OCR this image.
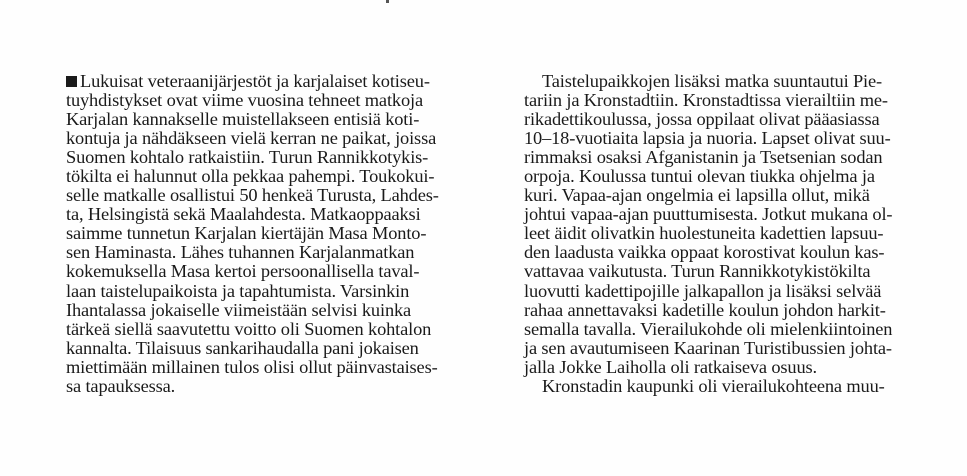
Lukuisat veteraanijärjestöt ja karjalaiset kotiseu-
tuyhdistykset ovat viime vuosina tehneet matkoja
Karjalan kannakselle muistellakseen entisiä koti-
kontuja ja nähdäkseen vielä kerran ne paikat, joissa
Suomen kohtalo ratkaistiin. Turun Rannikkotykis-
tökilta ei halunnut olla pekkaa pahempi. Toukokui-
selle matkalle osallistui 50 henkeä Turusta, Lahdes-
ta, Helsingistä sekä Maalahdesta. Matkaoppaaksi
saimme tunnetun Karjalan kiertäjän Masa Monto-
sen Haminasta. Lähes tuhannen Karjalanmatkan
kokemuksella Masa kertoi persoonallisella taval-
laan taistelupaikoista ja tapahtumista. Varsinkin
Ihantalassa jokaiselle viimeistään selvisi kuinka
tärkeä siellä saavutettu voitto oli Suomen kohtalon
kannalta. Tilaisuus sankarihaudalla pani jokaisen
miettimään millainen tulos olisi ollut päinvastaises-
sa tapauksessa.
Taistelupaikkojen lisäksi matka suuntautui Pie-
tariin ja Kronstadtiin. Kronstadtissa vierailtiin me-
rikadettikoulussa, jossa oppilaat olivat pääasiassa
10–18-vuotiaita lapsia ja nuoria. Lapset olivat suu-
rimmaksi osaksi Afganistanin ja Tsetsenian sodan
orpoja. Koulussa tuntui olevan tiukka ohjelma ja
kuri. Vapaa-ajan ongelmia ei lapsilla ollut, mikä
johtui vapaa-ajan puuttumisesta. Jotkut mukana ol-
leet äidit olivatkin huolestuneita kadettien lapsuu-
den laadusta vaikka oppaat korostivat koulun kas-
vattavaa vaikutusta. Turun Rannikkotykistökilta
luovutti kadettipojille jalkapallon ja lisäksi selvää
rahaa annettavaksi kadetille koulun johdon harkit-
semalla tavalla. Vierailukohde oli mielenkiintoinen
ja sen avautumiseen Kaarinan Turistibussien johta-
jalla Jokke Laiholla oli ratkaiseva osuus.
Kronstadin kaupunki oli vierailukohteena muu-
